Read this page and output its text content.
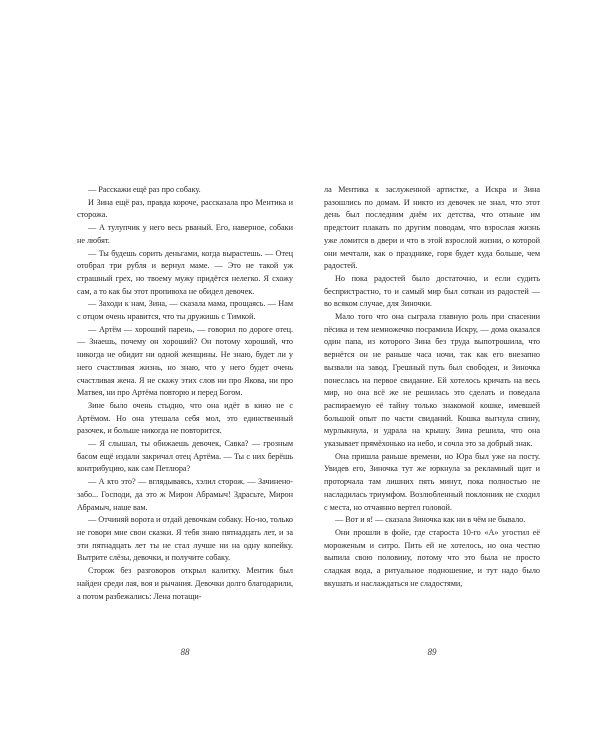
— Расскажи ещё раз про собаку.

И Зина ещё раз, правда короче, рассказала про Ментика и сторожа.

— А тулупчик у него весь рваный. Его, наверное, собаки не любят.

— Ты будешь сорить деньгами, когда вырастешь. — Отец отобрал три рубля и вернул маме. — Это не такой уж страшный грех, но твоему мужу придётся нелегко. Я схожу сам, а то как бы этот пропивоха не обидел девочек.

— Заходи к нам, Зина, — сказала мама, прощаясь. — Нам с отцом очень нравится, что ты дружишь с Тимкой.

— Артём — хороший парень, — говорил по дороге отец. — Знаешь, почему он хороший? Он потому хороший, что никогда не обидит ни одной женщины. Не знаю, будет ли у него счастливая жизнь, но знаю, что у него будет очень счастливая жена. Я не скажу этих слов ни про Якова, ни про Матвея, ни про Артёма повторю и перед Богом.

Зине было очень стыдно, что она идёт в кино не с Артёмом. Но она утешала себя мол, это единственный разочек, и больше никогда не повторится.

— Я слышал, ты обижаешь девочек, Савка? — грозным басом ещё издали закричал отец Артёма. — Ты с них берёшь контрибуцию, как сам Петлюра?

— А кто это? — вглядываясь, хэлил сторож. — Зачинено-забо... Господи, да это ж Мирон Абрамыч! Здрасьте, Мирон Абрамыч, наше вам.

— Отчиняй ворота и отдай девочкам собаку. Но-но, только не говори мне свои сказки. Я тебя знаю пятнадцать лет, и за эти пятнадцать лет ты не стал лучше ни на одну копейку. Вытрите слёзы, девочки, и получите собаку.

Сторож без разговоров открыл калитку. Ментик был найден среди лая, воя и рычания. Девочки долго благодарили, а потом разбежались: Лена потащи-

88

ла Ментика к заслуженной артистке, а Искра и Зина разошлись по домам. И никто из девочек не знал, что этот день был последним днём их детства, что отныне им предстоит плакать по другим поводам, что взрослая жизнь уже ломится в двери и что в этой взрослой жизни, о которой они мечтали, как о празднике, горя будет куда больше, чем радостей.

Но пока радостей было достаточно, и если судить беспристрастно, то и самый мир был соткан из радостей — во всяком случае, для Зиночки.

Мало того что она сыграла главную роль при спасении пёсика и тем немножечко посрамила Искру, — дома оказался один папа, из которого Зина без труда выпотрошила, что вернётся он не раньше часа ночи, так как его внезапно вызвали на завод. Грешный путь был свободен, и Зиночка понеслась на первое свидание. Ей хотелось кричать на весь мир, но она всё же не решилась это сделать и поведала распираемую её тайну только знакомой кошке, имевшей большой опыт по части свиданий. Кошка выгнула спину, мурлыкнула, и удрала на крышу. Зина решила, что она указывает прямёхонько на небо, и сочла это за добрый знак.

Она пришла раньше времени, но Юра был уже на посту. Увидев его, Зиночка тут же юркнула за рекламный щит и проторчала там лишних пять минут, пока полностью не насладилась триумфом. Возлюбленный поклонник не сходил с места, но отчаянно вертел головой.

— Вот и я! — сказала Зиночка как ни в чём не бывало.

Они прошли в фойе, где староста 10-го «А» угостил её мороженым и ситро. Пить ей не хотелось, но она честно выпила свою половину, потому что это была не просто сладкая вода, а ритуальное подношение, и тут надо было вкушать и наслаждаться не сладостями,

89
